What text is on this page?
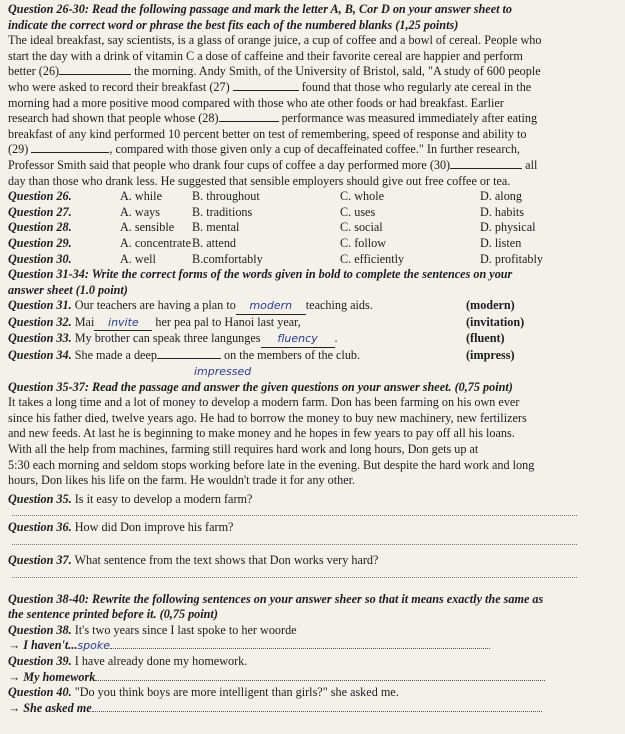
Question 26-30: Read the following passage and mark the letter A, B, Cor D on your answer sheet to
indicate the correct word or phrase the best fits each of the numbered blanks (1,25 points)
The ideal breakfast, say scientists, is a glass of orange juice, a cup of coffee and a bowl of cereal. People who
start the day with a drink of vitamin C a dose of caffeine and their favorite cereal are happier and perform
better (26)	the morning. Andy Smith, of the University of Bristol, sald, "A study of 600 people
who were asked to record their breakfast (27)	found that those who regularly ate cereal in the
morning had a more positive mood compared with those who ate other foods or had breakfast. Earlier
research had shown that people whose (28)	performance was measured immediately after eating
breakfast of any kind performed 10 percent better on test of remembering, speed of response and ability to
(29)	, compared with those given only a cup of decaffeinated coffee." In further research,
Professor Smith said that people who drank four cups of coffee a day performed more (30)	all
day than those who drank less. He suggested that sensible employers should give out free coffee or tea.
Question 26.	A. while	B. throughout	C. whole	D. along
Question 27.	A. ways	B. traditions	C. uses	D. habits
Question 28.	A. sensible	B. mental	C. social	D. physical
Question 29.	A. concentrate	B. attend	C. follow	D. listen
Question 30.	A. well	B.comfortably	C. efficiently	D. profitably
Question 31-34: Write the correct forms of the words given in bold to complete the sentences on your
answer sheet (1.0 point)
Question 31. Our teachers are having a plan to modern teaching aids.	(modern)
Question 32. Mai invite her pea pal to Hanoi last year,	(invitation)
Question 33. My brother can speak three langunges fluency .	(fluent)
Question 34. She made a deep	on the members of the club.	(impress)
impressed
Question 35-37: Read the passage and answer the given questions on your answer sheet. (0,75 point)
It takes a long time and a lot of money to develop a modern farm. Don has been farming on his own ever
since his father died, twelve years ago. He had to borrow the money to buy new machinery, new fertilizers
and new feeds. At last he is beginning to make money and he hopes in few years to pay off all his loans.
With all the help from machines, farming still requires hard work and long hours, Don gets up at
5:30 each morning and seldom stops working before late in the evening. But despite the hard work and long
hours, Don likes his life on the farm. He wouldn't trade it for any other.
Question 35. Is it easy to develop a modern farm?
Question 36. How did Don improve his farm?
Question 37. What sentence from the text shows that Don works very hard?
Question 38-40: Rewrite the following sentences on your answer sheer so that it means exactly the same as
the sentence printed before it. (0,75 point)
Question 38. It's two years since I last spoke to her woorde
→ I haven't...spoke
Question 39. I have already done my homework.
→ My homework
Question 40. "Do you think boys are more intelligent than girls?" she asked me.
→ She asked me
